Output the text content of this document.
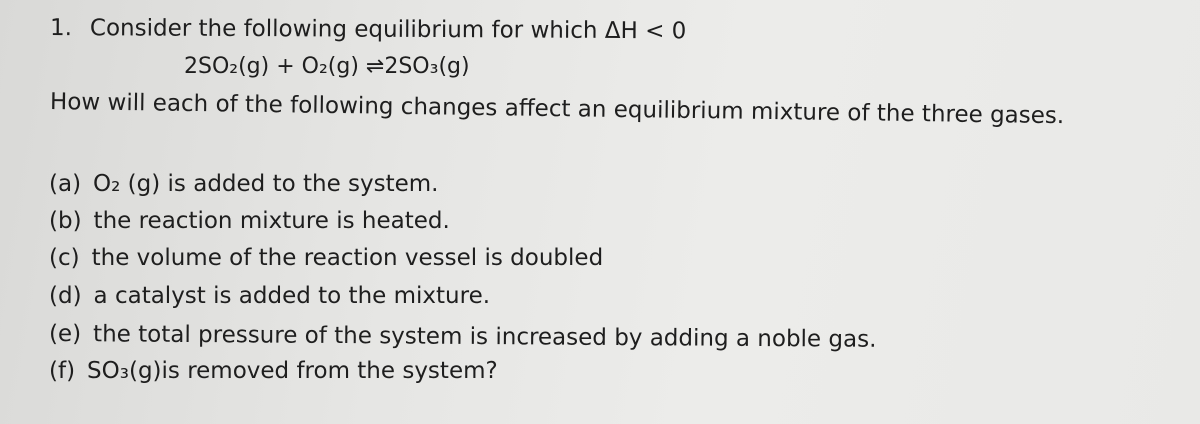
1. Consider the following equilibrium for which ΔH < 0
2SO₂(g) + O₂(g) ⇌2SO₃(g)
How will each of the following changes affect an equilibrium mixture of the three gases.
(a) O₂ (g) is added to the system.
(b) the reaction mixture is heated.
(c) the volume of the reaction vessel is doubled
(d) a catalyst is added to the mixture.
(e) the total pressure of the system is increased by adding a noble gas.
(f) SO₃(g)is removed from the system?
